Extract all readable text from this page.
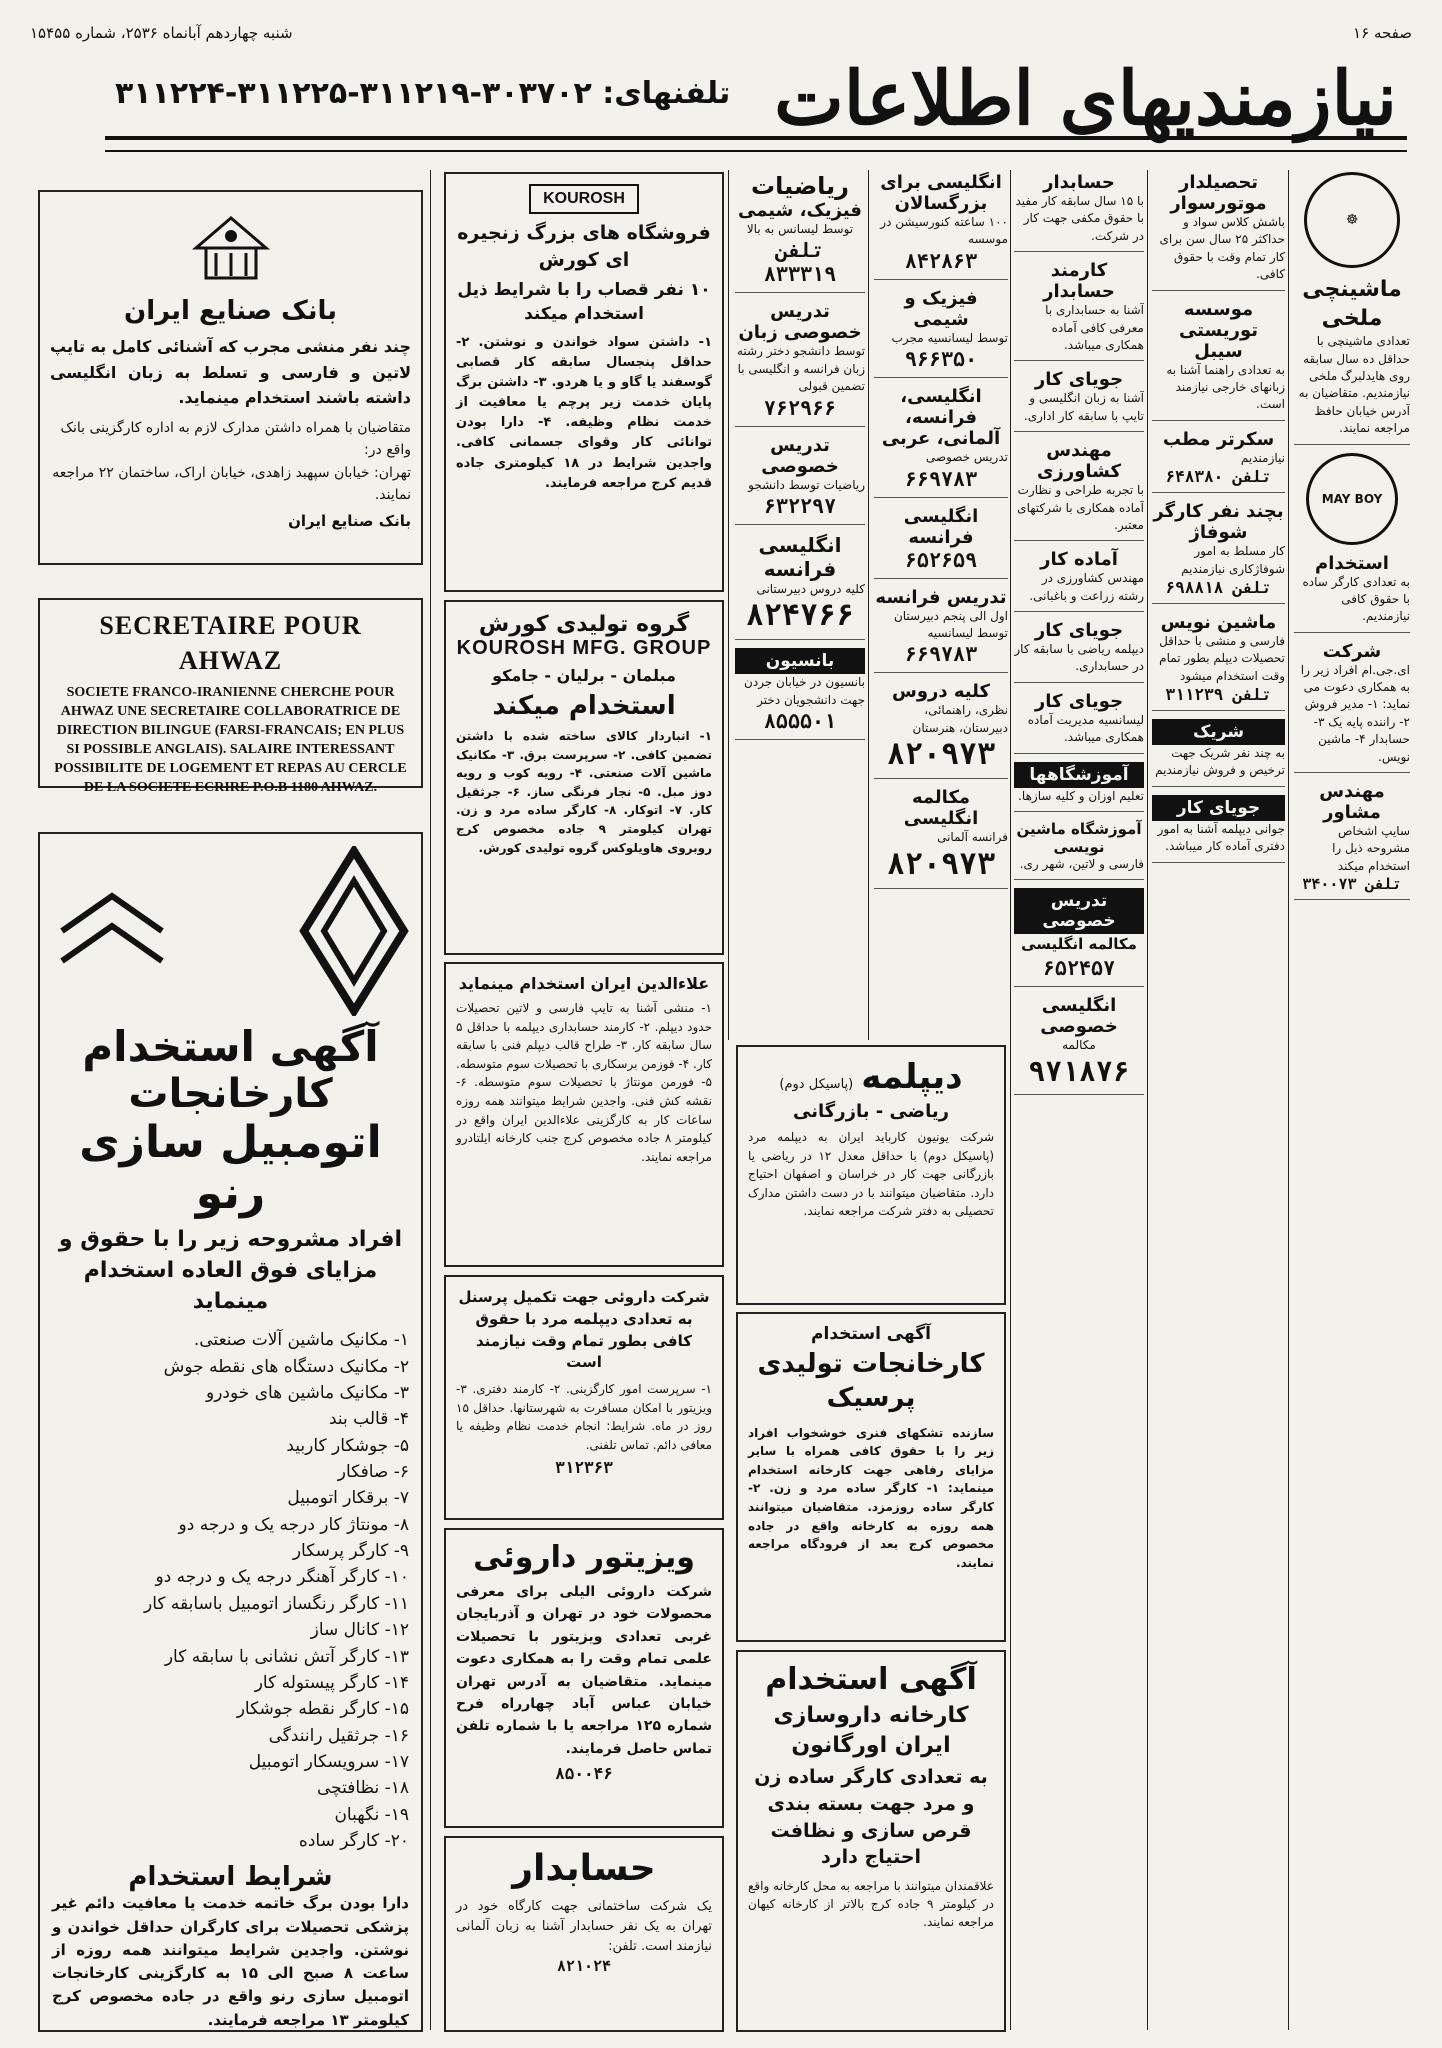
صفحه ۱۶
شنبه چهاردهم آبانماه ۲۵۳۶، شماره ۱۵۴۵۵
نیازمندیهای اطلاعات
تلفنهای: ۳۰۳۷۰۲-۳۱۱۲۱۹-۳۱۱۲۲۵-۳۱۱۲۲۴
بانک صنایع ایران
چند نفر منشی مجرب که آشنائی کامل به تایپ لاتین و فارسی و تسلط به زبان انگلیسی داشته باشند استخدام مینماید.
متقاضیان با همراه داشتن مدارک لازم به اداره کارگزینی بانک واقع در:
تهران: خیابان سپهبد زاهدی، خیابان اراک، ساختمان ۲۲ مراجعه نمایند.
بانک صنایع ایران
SECRETAIRE POUR AHWAZ
SOCIETE FRANCO-IRANIENNE CHERCHE POUR AHWAZ UNE SECRETAIRE COLLABORATRICE DE DIRECTION BILINGUE (FARSI-FRANCAIS; EN PLUS SI POSSIBLE ANGLAIS). SALAIRE INTERESSANT POSSIBILITE DE LOGEMENT ET REPAS AU CERCLE DE LA SOCIETE ECRIRE P.O.B 1180 AHWAZ.
آگهی استخدام
کارخانجات
اتومبیل سازی رنو
افراد مشروحه زیر را با حقوق و مزایای فوق العاده استخدام مینماید
۱- مکانیک ماشین آلات صنعتی.
۲- مکانیک دستگاه های نقطه جوش
۳- مکانیک ماشین های خودرو
۴- قالب بند
۵- جوشکار کاربید
۶- صافکار
۷- برقکار اتومبیل
۸- مونتاژ کار درجه یک و درجه دو
۹- کارگر پرسکار
۱۰- کارگر آهنگر درجه یک و درجه دو
۱۱- کارگر رنگساز اتومبیل باسابقه کار
۱۲- کانال ساز
۱۳- کارگر آتش نشانی با سابقه کار
۱۴- کارگر پیستوله کار
۱۵- کارگر نقطه جوشکار
۱۶- جرثقیل رانندگی
۱۷- سرویسکار اتومبیل
۱۸- نظافتچی
۱۹- نگهبان
۲۰- کارگر ساده
شرایط استخدام
دارا بودن برگ خاتمه خدمت یا معافیت دائم غیر پزشکی تحصیلات برای کارگران حداقل خواندن و نوشتن. واجدین شرایط میتوانند همه روزه از ساعت ۸ صبح الی ۱۵ به کارگزینی کارخانجات اتومبیل سازی رنو واقع در جاده مخصوص کرج کیلومتر ۱۳ مراجعه فرمایند.
KOUROSH
فروشگاه های بزرگ زنجیره ای کورش
۱۰ نفر قصاب را با شرایط ذیل استخدام میکند
۱- داشتن سواد خواندن و نوشتن. ۲- حداقل پنجسال سابقه کار قصابی گوسفند یا گاو و یا هردو. ۳- داشتن برگ پایان خدمت زیر پرچم یا معافیت از خدمت نظام وظیفه. ۴- دارا بودن توانائی کار وقوای جسمانی کافی. واجدین شرایط در ۱۸ کیلومتری جاده قدیم کرج مراجعه فرمایند.
گروه تولیدی کورش
KOUROSH MFG. GROUP
مبلمان - برلیان - جامکو
استخدام میکند
۱- انباردار کالای ساخته شده با داشتن تضمین کافی. ۲- سرپرست برق. ۳- مکانیک ماشین آلات صنعتی. ۴- رویه کوب و رویه دوز مبل. ۵- نجار فرنگی ساز. ۶- جرثقیل کار. ۷- اتوکار. ۸- کارگر ساده مرد و زن. تهران کیلومتر ۹ جاده مخصوص کرج روبروی هاویلوکس گروه تولیدی کورش.
علاءالدین ایران استخدام مینماید
۱- منشی آشنا به تایپ فارسی و لاتین تحصیلات حدود دیپلم. ۲- کارمند حسابداری دیپلمه با حداقل ۵ سال سابقه کار. ۳- طراح قالب دیپلم فنی با سابقه کار. ۴- فوزمن برسکاری با تحصیلات سوم متوسطه. ۵- فورمن مونتاژ با تحصیلات سوم متوسطه. ۶- نقشه کش فنی. واجدین شرایط میتوانند همه روزه ساعات کار به کارگزینی علاءالدین ایران واقع در کیلومتر ۸ جاده مخصوص کرج جنب کارخانه ایلتادرو مراجعه نمایند.
شرکت داروئی جهت تکمیل پرسنل به تعدادی دیپلمه مرد با حقوق کافی بطور تمام وقت نیازمند است
۱- سرپرست امور کارگزینی. ۲- کارمند دفتری. ۳- ویزیتور با امکان مسافرت به شهرستانها. حداقل ۱۵ روز در ماه. شرایط: انجام خدمت نظام وظیفه یا معافی دائم. تماس تلفنی.
۳۱۲۳۶۳
ویزیتور داروئی
شرکت داروئی الیلی برای معرفی محصولات خود در تهران و آذربایجان غربی تعدادی ویزیتور با تحصیلات علمی تمام وقت را به همکاری دعوت مینماید. متقاضیان به آدرس تهران خیابان عباس آباد چهارراه فرح شماره ۱۲۵ مراجعه یا با شماره تلفن تماس حاصل فرمایند.
۸۵۰۰۴۶
حسابدار
یک شرکت ساختمانی جهت کارگاه خود در تهران به یک نفر حسابدار آشنا به زبان آلمانی نیازمند است. تلفن:
۸۲۱۰۲۴
ریاضیات
فیزیک، شیمی
توسط لیسانس به بالا
تلفن ۸۳۳۳۱۹
تدریس خصوصی زبان
توسط دانشجو دختر رشته زبان فرانسه و انگلیسی با تضمین قبولی
۷۶۲۹۶۶
تدریس خصوصی
ریاضیات توسط دانشجو
۶۳۲۲۹۷
انگلیسی فرانسه
کلیه دروس دبیرستانی
۸۲۴۷۶۶
بانسیون
بانسیون در خیابان جردن جهت دانشجویان دختر
۸۵۵۵۰۱
انگلیسی برای بزرگسالان
۱۰۰ ساعته کنورسیشن در موسسه
۸۴۲۸۶۳
فیزیک و شیمی
توسط لیسانسیه مجرب
۹۶۶۳۵۰
انگلیسی، فرانسه، آلمانی، عربی
تدریس خصوصی
۶۶۹۷۸۳
انگلیسی فرانسه
۶۵۲۶۵۹
تدریس فرانسه
اول الی پنجم دبیرستان توسط لیسانسیه
۶۶۹۷۸۳
کلیه دروس
نظری، راهنمائی، دبیرستان، هنرستان
۸۲۰۹۷۳
مکالمه انگلیسی
فرانسه آلمانی
۸۲۰۹۷۳
دیپلمه
(پاسیکل دوم)
ریاضی - بازرگانی
شرکت یونیون کارباید ایران به دیپلمه مرد (پاسیکل دوم) با حداقل معدل ۱۲ در ریاضی یا بازرگانی جهت کار در خراسان و اصفهان احتیاج دارد. متقاضیان میتوانند با در دست داشتن مدارک تحصیلی به دفتر شرکت مراجعه نمایند.
آگهی استخدام
کارخانجات تولیدی پرسیک
سازنده تشکهای فنری خوشخواب افراد زیر را با حقوق کافی همراه با سایر مزایای رفاهی جهت کارخانه استخدام مینماید: ۱- کارگر ساده مرد و زن. ۲- کارگر ساده روزمزد. متقاضیان میتوانند همه روزه به کارخانه واقع در جاده مخصوص کرج بعد از فرودگاه مراجعه نمایند.
آگهی استخدام
کارخانه داروسازی ایران اورگانون
به تعدادی کارگر ساده زن و مرد جهت بسته بندی قرص سازی و نظافت احتیاج دارد
علاقمندان میتوانند با مراجعه به محل کارخانه واقع در کیلومتر ۹ جاده کرج بالاتر از کارخانه کیهان مراجعه نمایند.
حسابدار
با ۱۵ سال سابقه کار مفید با حقوق مکفی جهت کار در شرکت.
کارمند حسابدار
آشنا به حسابداری با معرفی کافی آماده همکاری میباشد.
جویای کار
آشنا به زبان انگلیسی و تایپ با سابقه کار اداری.
مهندس کشاورزی
با تجربه طراحی و نظارت آماده همکاری با شرکتهای معتبر.
آماده کار
مهندس کشاورزی در رشته زراعت و باغبانی.
جویای کار
دیپلمه ریاضی با سابقه کار در حسابداری.
جویای کار
لیسانسیه مدیریت آماده همکاری میباشد.
آموزشگاهها
تعلیم اوزان و کلیه سازها.
آموزشگاه ماشین نویسی
فارسی و لاتین، شهر ری.
تدریس خصوصی
مکالمه انگلیسی
۶۵۲۴۵۷
انگلیسی خصوصی
مکالمه
۹۷۱۸۷۶
تحصیلدار موتورسوار
باشش کلاس سواد و حداکثر ۲۵ سال سن برای کار تمام وقت با حقوق کافی.
موسسه توریستی سیبل
به تعدادی راهنما آشنا به زبانهای خارجی نیازمند است.
سکرتر مطب
نیازمندیم
تلفن ۶۴۸۳۸۰
بچند نفر کارگر شوفاژ
کار مسلط به امور شوفاژکاری نیازمندیم
تلفن ۶۹۸۸۱۸
ماشین نویس
فارسی و منشی با حداقل تحصیلات دیپلم بطور تمام وقت استخدام میشود
تلفن ۳۱۱۲۳۹
شریک
به چند نفر شریک جهت ترخیص و فروش نیازمندیم
جویای کار
جوانی دیپلمه آشنا به امور دفتری آماده کار میباشد.
☸
ماشینچی ملخی
تعدادی ماشینچی با حداقل ده سال سابقه روی هایدلبرگ ملخی نیازمندیم. متقاضیان به آدرس خیابان حافظ مراجعه نمایند.
MAY BOY
استخدام
به تعدادی کارگر ساده با حقوق کافی نیازمندیم.
شرکت
ای.جی.ام افراد زیر را به همکاری دعوت می نماید: ۱- مدیر فروش ۲- راننده پایه یک ۳- حسابدار ۴- ماشین نویس.
مهندس مشاور
سایپ اشخاص مشروحه ذیل را استخدام میکند
تلفن ۳۴۰۰۷۳
